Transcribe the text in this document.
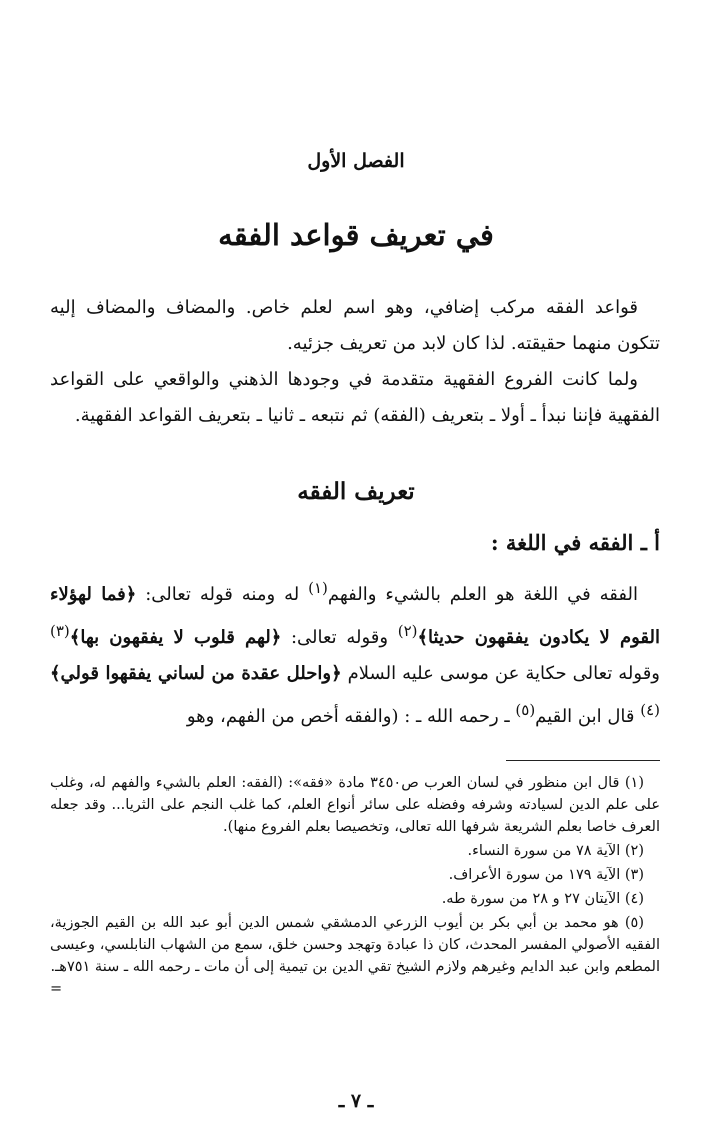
الفصل الأول
في تعريف قواعد الفقه

قواعد الفقه مركب إضافي، وهو اسم لعلم خاص. والمضاف والمضاف إليه تتكون منهما حقيقته. لذا كان لابد من تعريف جزئيه.

ولما كانت الفروع الفقهية متقدمة في وجودها الذهني والواقعي على القواعد الفقهية فإننا نبدأ ـ أولا ـ بتعريف (الفقه) ثم نتبعه ـ ثانيا ـ بتعريف القواعد الفقهية.

تعريف الفقه
أ ـ الفقه في اللغة :

الفقه في اللغة هو العلم بالشيء والفهم$^{(١)}$ له ومنه قوله تعالى: ﴿فما لهؤلاء القوم لا يكادون يفقهون حديثا﴾$^{(٢)}$ وقوله تعالى: ﴿لهم قلوب لا يفقهون بها﴾$^{(٣)}$ وقوله تعالى حكاية عن موسى عليه السلام ﴿واحلل عقدة من لساني يفقهوا قولي﴾$^{(٤)}$ قال ابن القيم$^{(٥)}$ ـ رحمه الله ـ : (والفقه أخص من الفهم، وهو

(١) قال ابن منظور في لسان العرب ص٣٤٥٠ مادة «فقه»: (الفقه: العلم بالشيء والفهم له، وغلب على علم الدين لسيادته وشرفه وفضله على سائر أنواع العلم، كما غلب النجم على الثريا... وقد جعله العرف خاصا بعلم الشريعة شرفها الله تعالى، وتخصيصا بعلم الفروع منها).

(٢) الآية ٧٨ من سورة النساء.

(٣) الآية ١٧٩ من سورة الأعراف.

(٤) الآيتان ٢٧ و ٢٨ من سورة طه.

(٥) هو محمد بن أبي بكر بن أيوب الزرعي الدمشقي شمس الدين أبو عبد الله بن القيم الجوزية، الفقيه الأصولي المفسر المحدث، كان ذا عبادة وتهجد وحسن خلق، سمع من الشهاب النابلسي، وعيسى المطعم وابن عبد الدايم وغيرهم ولازم الشيخ تقي الدين بن تيمية إلى أن مات ـ رحمه الله ـ سنة ٧٥١هـ.

=

ـ ٧ ـ
